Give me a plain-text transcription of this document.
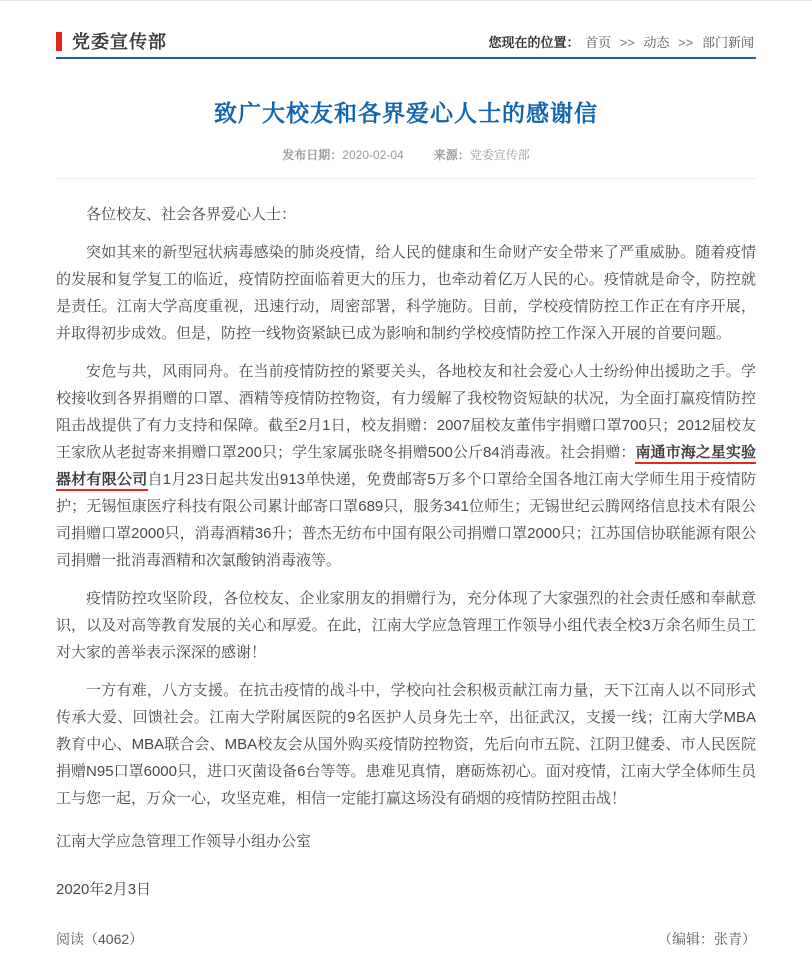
党委宣传部	您现在的位置： 首页 >> 动态 >> 部门新闻
致广大校友和各界爱心人士的感谢信
发布日期：2020-02-04	来源：党委宣传部

各位校友、社会各界爱心人士：

突如其来的新型冠状病毒感染的肺炎疫情，给人民的健康和生命财产安全带来了严重威胁。随着疫情的发展和复学复工的临近，疫情防控面临着更大的压力，也牵动着亿万人民的心。疫情就是命令，防控就是责任。江南大学高度重视，迅速行动，周密部署，科学施防。目前，学校疫情防控工作正在有序开展，并取得初步成效。但是，防控一线物资紧缺已成为影响和制约学校疫情防控工作深入开展的首要问题。

安危与共，风雨同舟。在当前疫情防控的紧要关头，各地校友和社会爱心人士纷纷伸出援助之手。学校接收到各界捐赠的口罩、酒精等疫情防控物资，有力缓解了我校物资短缺的状况，为全面打赢疫情防控阻击战提供了有力支持和保障。截至2月1日，校友捐赠：2007届校友董伟宇捐赠口罩700只；2012届校友王家欣从老挝寄来捐赠口罩200只；学生家属张晓冬捐赠500公斤84消毒液。社会捐赠：南通市海之星实验器材有限公司自1月23日起共发出913单快递，免费邮寄5万多个口罩给全国各地江南大学师生用于疫情防护；无锡恒康医疗科技有限公司累计邮寄口罩689只，服务341位师生；无锡世纪云腾网络信息技术有限公司捐赠口罩2000只，消毒酒精36升；普杰无纺布中国有限公司捐赠口罩2000只；江苏国信协联能源有限公司捐赠一批消毒酒精和次氯酸钠消毒液等。

疫情防控攻坚阶段，各位校友、企业家朋友的捐赠行为，充分体现了大家强烈的社会责任感和奉献意识，以及对高等教育发展的关心和厚爱。在此，江南大学应急管理工作领导小组代表全校3万余名师生员工对大家的善举表示深深的感谢！

一方有难，八方支援。在抗击疫情的战斗中，学校向社会积极贡献江南力量，天下江南人以不同形式传承大爱、回馈社会。江南大学附属医院的9名医护人员身先士卒，出征武汉，支援一线；江南大学MBA教育中心、MBA联合会、MBA校友会从国外购买疫情防控物资，先后向市五院、江阴卫健委、市人民医院捐赠N95口罩6000只，进口灭菌设备6台等等。患难见真情，磨砺炼初心。面对疫情，江南大学全体师生员工与您一起，万众一心，攻坚克难，相信一定能打赢这场没有硝烟的疫情防控阻击战！

江南大学应急管理工作领导小组办公室

2020年2月3日

阅读（4062）	（编辑：张青）
